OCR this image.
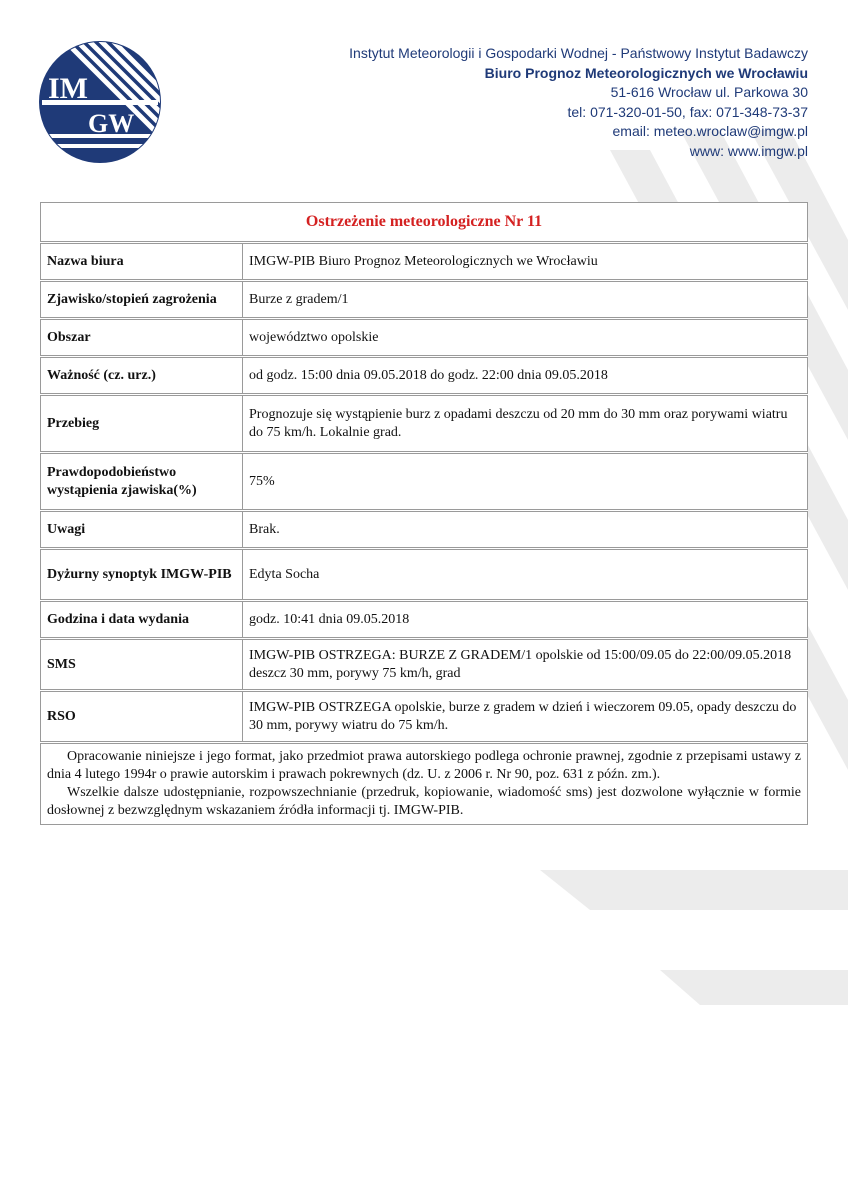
IM
GW
Instytut Meteorologii i Gospodarki Wodnej - Państwowy Instytut Badawczy
Biuro Prognoz Meteorologicznych we Wrocławiu
51-616 Wrocław ul. Parkowa 30
tel: 071-320-01-50, fax: 071-348-73-37
email: meteo.wroclaw@imgw.pl
www: www.imgw.pl
Ostrzeżenie meteorologiczne Nr 11	
Nazwa biura	IMGW-PIB Biuro Prognoz Meteorologicznych we Wrocławiu
Zjawisko/stopień zagrożenia	Burze z gradem/1
Obszar	województwo opolskie
Ważność (cz. urz.)	od godz. 15:00 dnia 09.05.2018 do godz. 22:00 dnia 09.05.2018
Przebieg	Prognozuje się wystąpienie burz z opadami deszczu od 20 mm do 30 mm oraz porywami wiatru do 75 km/h. Lokalnie grad.
Prawdopodobieństwo wystąpienia zjawiska(%)	75%
Uwagi	Brak.
Dyżurny synoptyk IMGW-PIB	Edyta Socha
Godzina i data wydania	godz. 10:41 dnia 09.05.2018
SMS	IMGW-PIB OSTRZEGA: BURZE Z GRADEM/1 opolskie od 15:00/09.05 do 22:00/09.05.2018 deszcz 30 mm, porywy 75 km/h, grad
RSO	IMGW-PIB OSTRZEGA opolskie, burze z gradem w dzień i wieczorem 09.05, opady deszczu do 30 mm, porywy wiatru do 75 km/h.

Opracowanie niniejsze i jego format, jako przedmiot prawa autorskiego podlega ochronie prawnej, zgodnie z przepisami ustawy z dnia 4 lutego 1994r o prawie autorskim i prawach pokrewnych (dz. U. z 2006 r. Nr 90, poz. 631 z późn. zm.).

Wszelkie dalsze udostępnianie, rozpowszechnianie (przedruk, kopiowanie, wiadomość sms) jest dozwolone wyłącznie w formie dosłownej z bezwzględnym wskazaniem źródła informacji tj. IMGW-PIB.	
